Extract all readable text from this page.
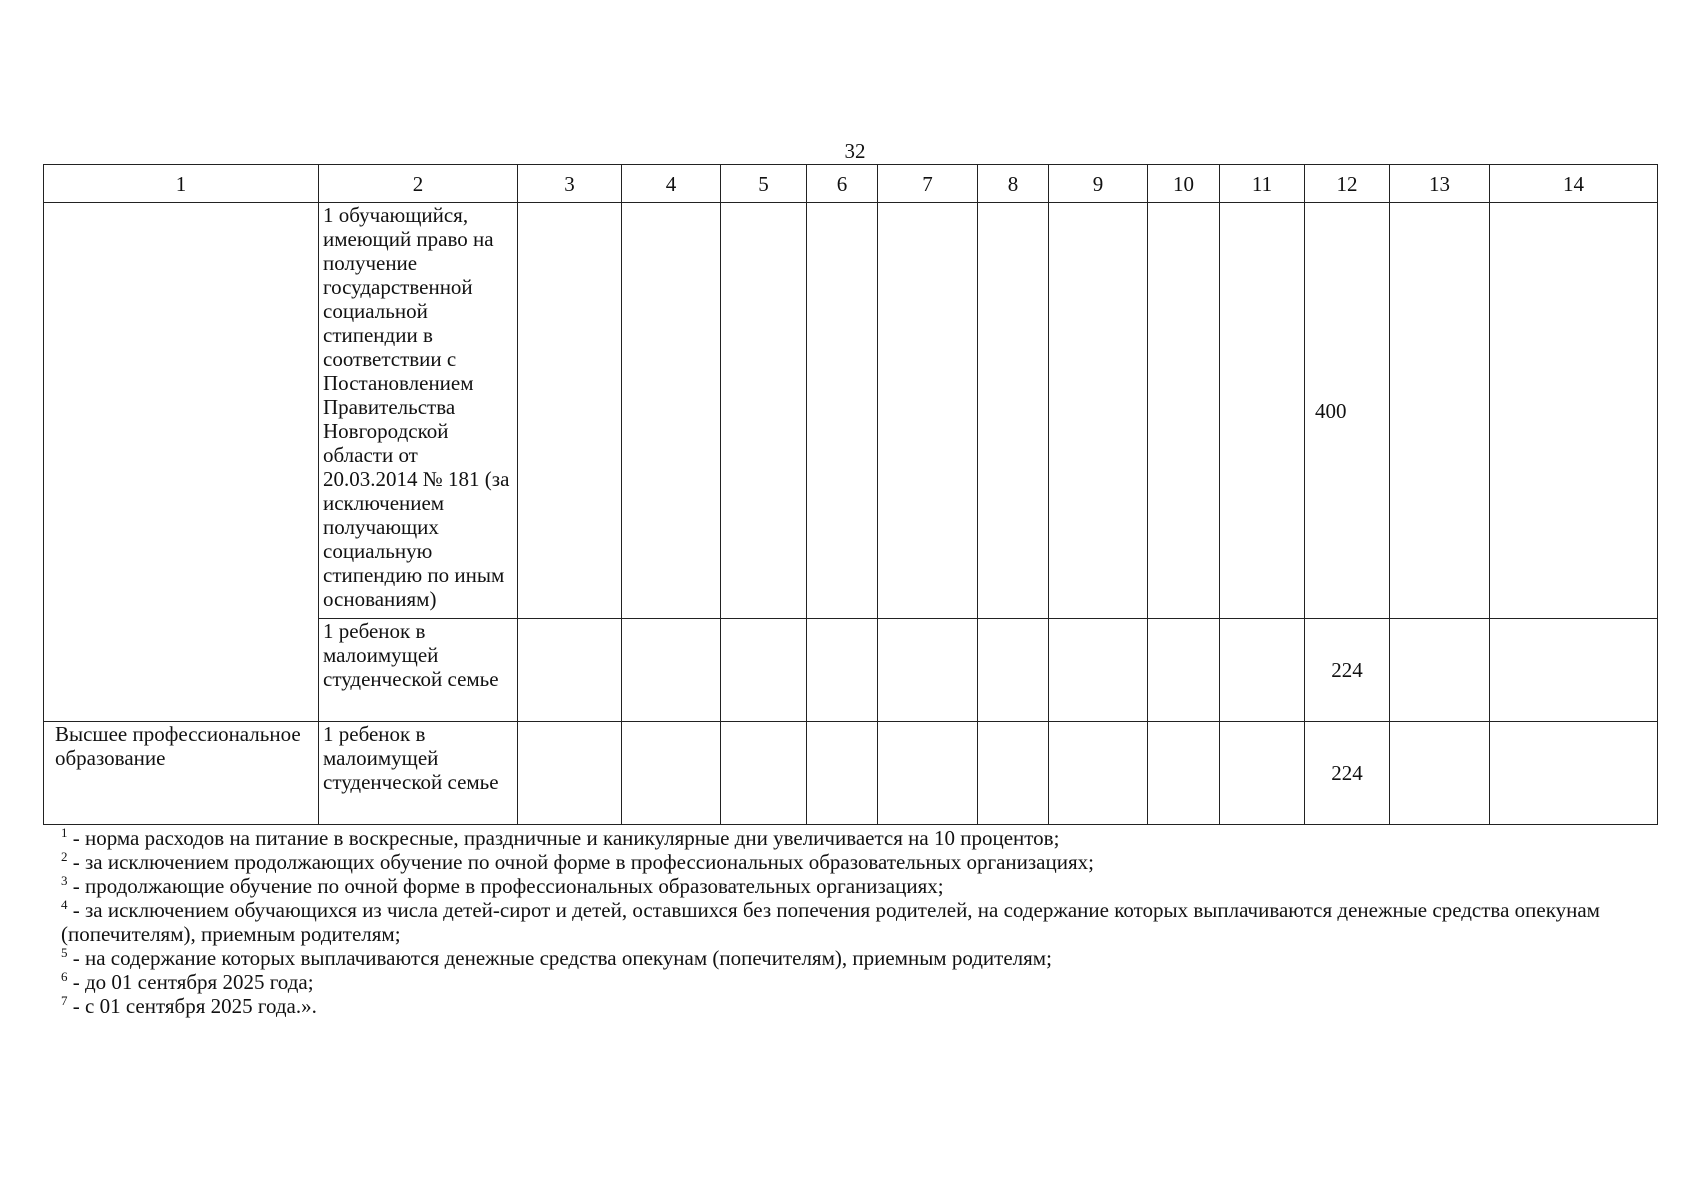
32
1	2	3	4	5	6	7	8	9	10	11	12	13	14
	1 обучающийся, имеющий право на получение государственной социальной стипендии в соответствии с Постановлением Правительства Новгородской области от 20.03.2014 № 181 (за исключением получающих социальную стипендию по иным основаниям)										400		
	1 ребенок в малоимущей студенческой семье										224		
Высшее профессиональное образование	1 ребенок в малоимущей студенческой семье										224		

$^1$ - норма расходов на питание в воскресные, праздничные и каникулярные дни увеличивается на 10 процентов;

$^2$ - за исключением продолжающих обучение по очной форме в профессиональных образовательных организациях;

$^3$ - продолжающие обучение по очной форме в профессиональных образовательных организациях;

$^4$ - за исключением обучающихся из числа детей-сирот и детей, оставшихся без попечения родителей, на содержание которых выплачиваются денежные средства опекунам (попечителям), приемным родителям;

$^5$ - на содержание которых выплачиваются денежные средства опекунам (попечителям), приемным родителям;

$^6$ - до 01 сентября 2025 года;

$^7$ - с 01 сентября 2025 года.».
